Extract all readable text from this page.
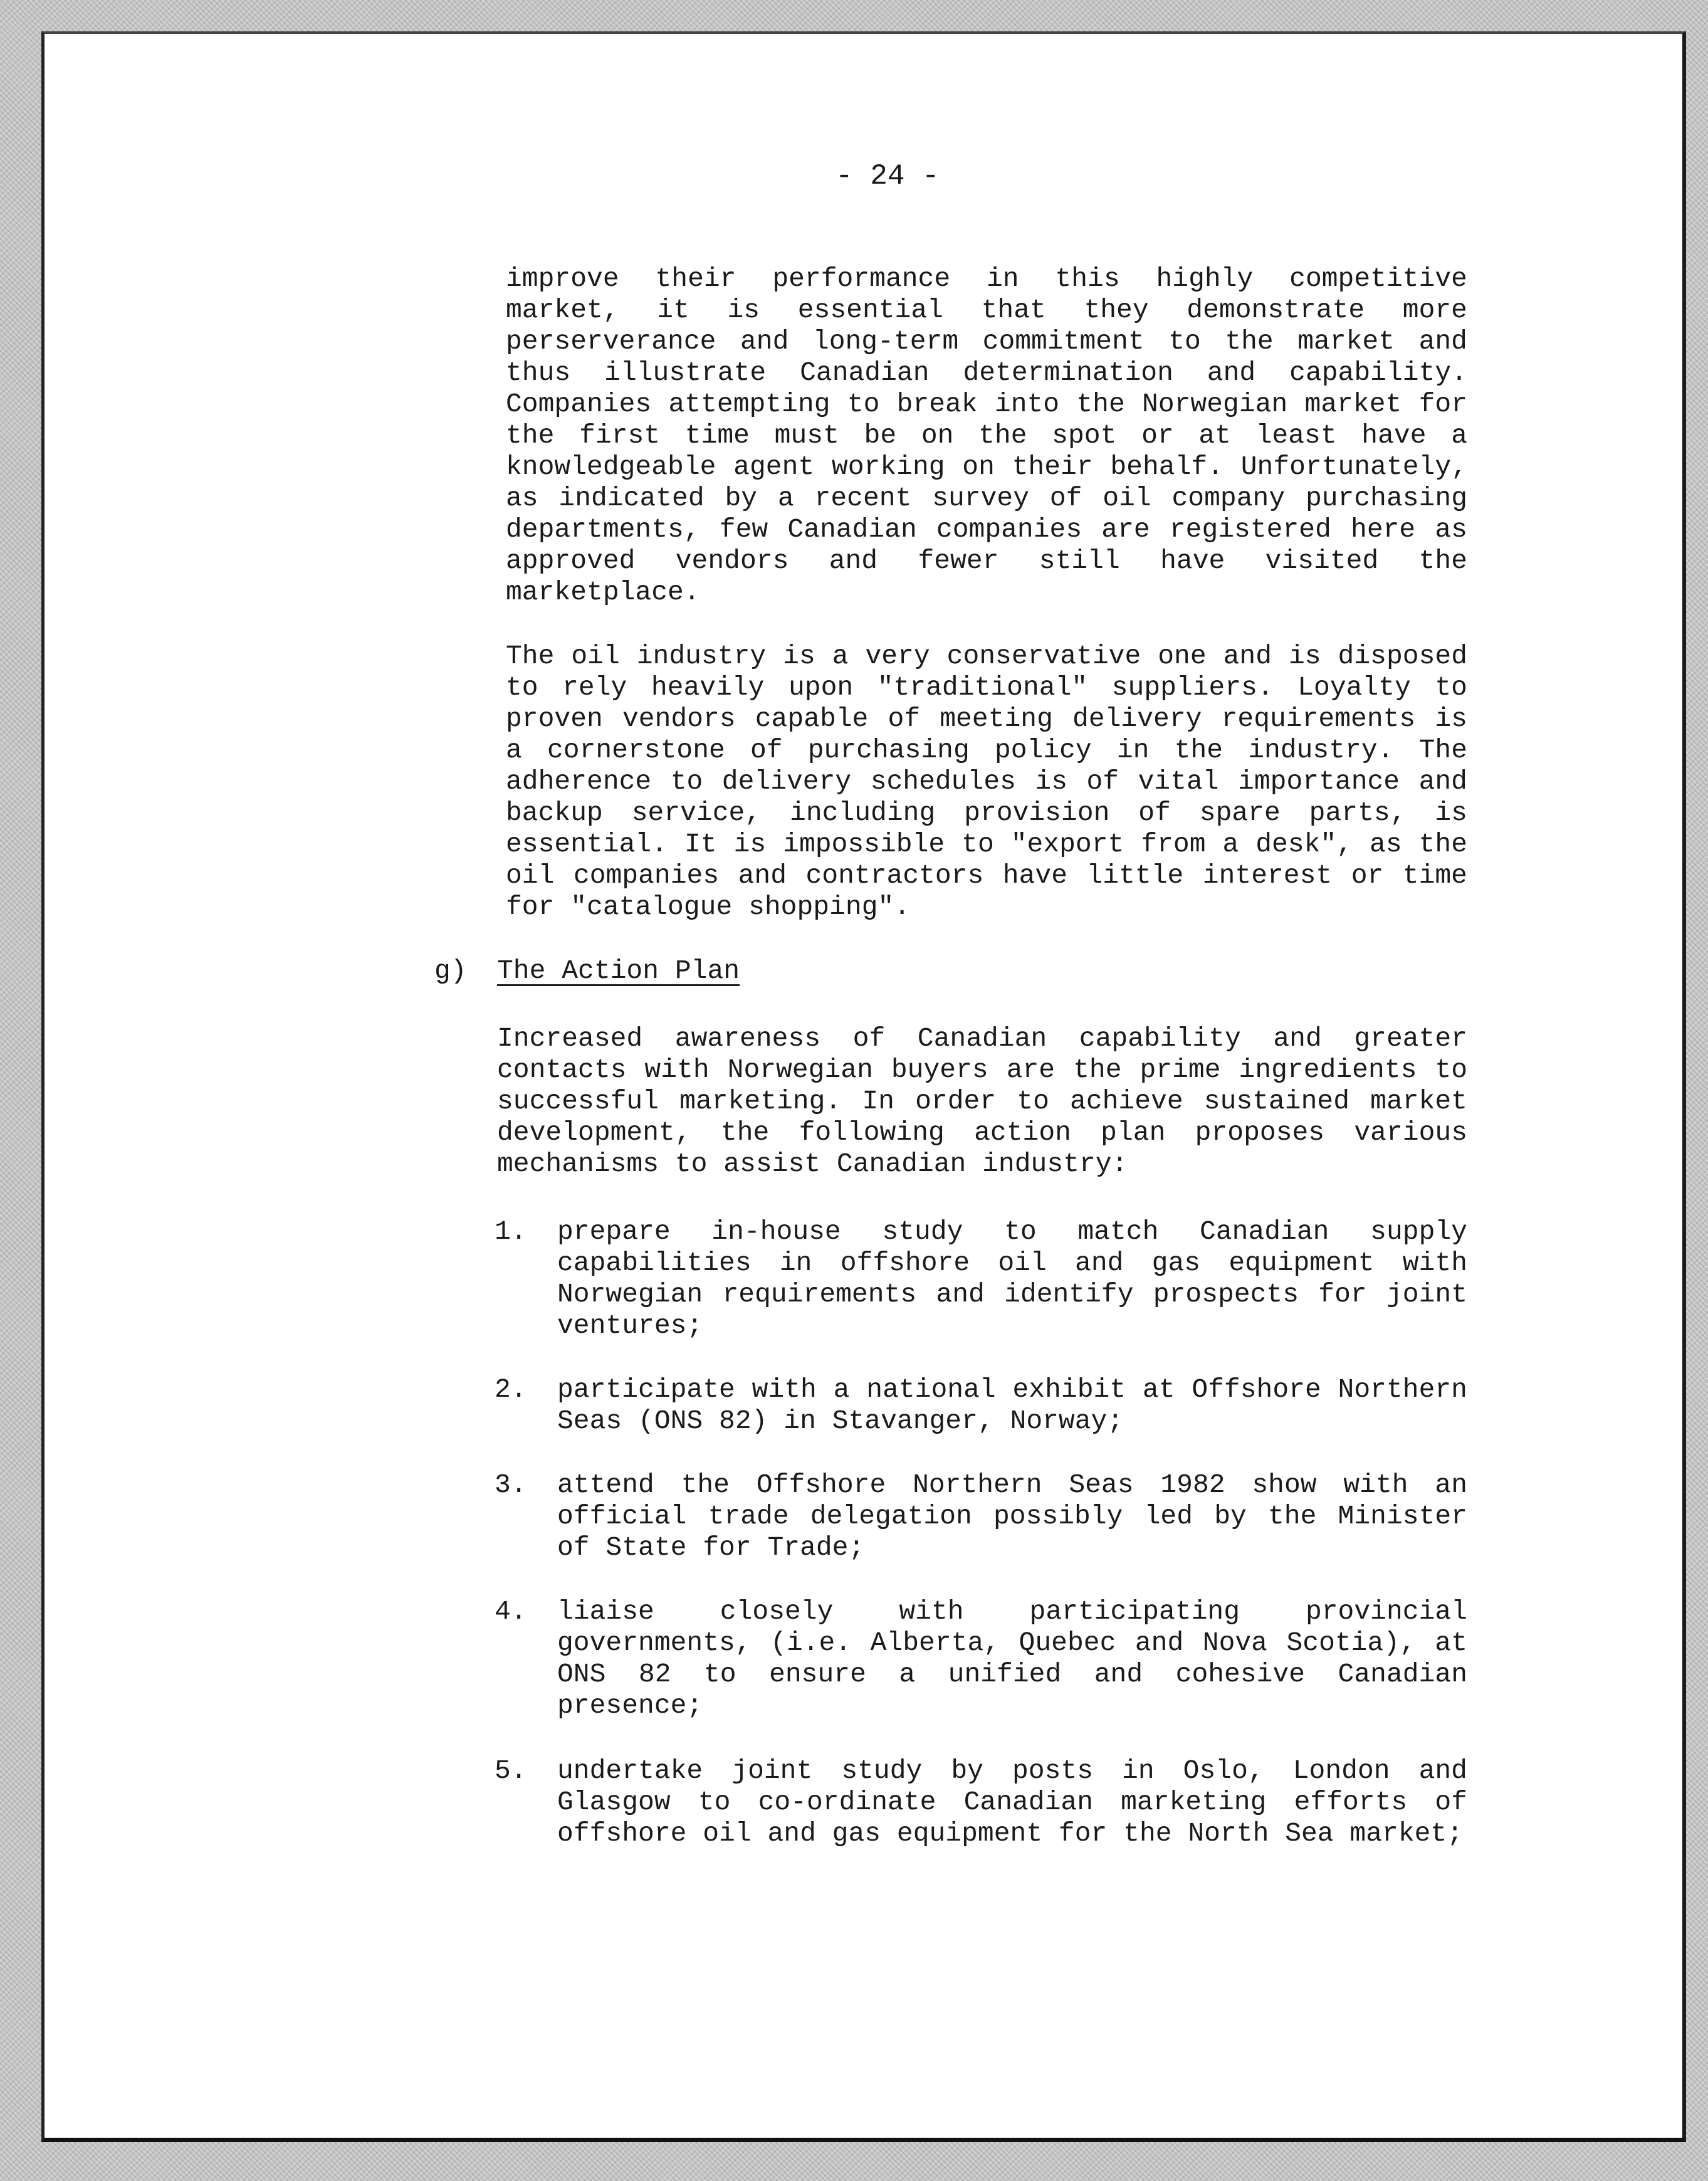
- 24 -

improve their performance in this highly competitive market, it is essential that they demonstrate more perserverance and long-term commitment to the market and thus illustrate Canadian determination and capability. Companies attempting to break into the Norwegian market for the first time must be on the spot or at least have a knowledgeable agent working on their behalf. Unfortunately, as indicated by a recent survey of oil company purchasing departments, few Canadian companies are registered here as approved vendors and fewer still have visited the marketplace.

The oil industry is a very conservative one and is disposed to rely heavily upon "traditional" suppliers. Loyalty to proven vendors capable of meeting delivery requirements is a cornerstone of purchasing policy in the industry. The adherence to delivery schedules is of vital importance and backup service, including provision of spare parts, is essential. It is impossible to "export from a desk", as the oil companies and contractors have little interest or time for "catalogue shopping".

g) The Action Plan

Increased awareness of Canadian capability and greater contacts with Norwegian buyers are the prime ingredients to successful marketing. In order to achieve sustained market development, the following action plan proposes various mechanisms to assist Canadian industry:

1.	prepare in-house study to match Canadian supply capabilities in offshore oil and gas equipment with Norwegian requirements and identify prospects for joint ventures;
2.	participate with a national exhibit at Offshore Northern Seas (ONS 82) in Stavanger, Norway;
3.	attend the Offshore Northern Seas 1982 show with an official trade delegation possibly led by the Minister of State for Trade;
4.	liaise closely with participating provincial governments, (i.e. Alberta, Quebec and Nova Scotia), at ONS 82 to ensure a unified and cohesive Canadian presence;
5.	undertake joint study by posts in Oslo, London and Glasgow to co-ordinate Canadian marketing efforts of offshore oil and gas equipment for the North Sea market;
